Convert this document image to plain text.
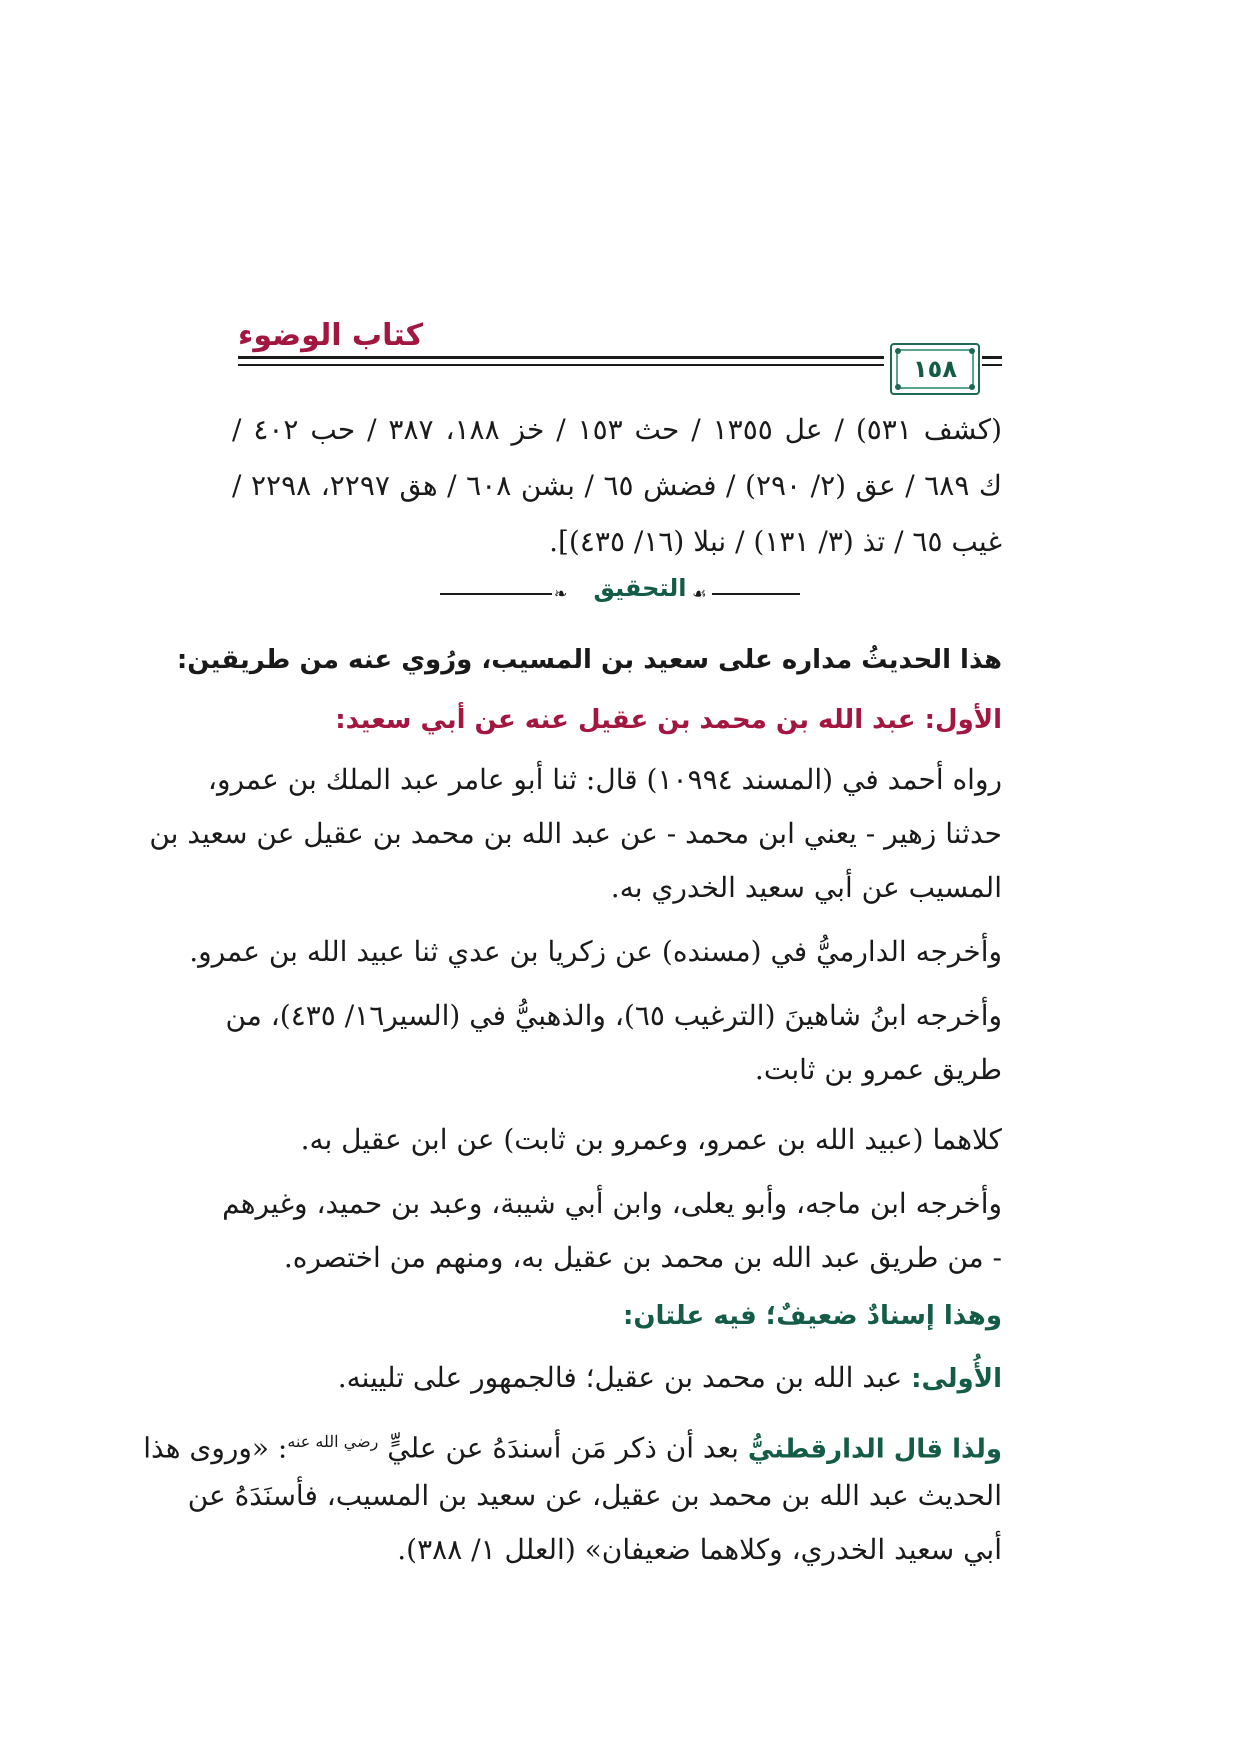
كتاب الوضوء
١٥٨
(كشف ٥٣١) / عل ١٣٥٥ / حث ١٥٣ / خز ١٨٨، ٣٨٧ / حب ٤٠٢ /
ك ٦٨٩ / عق (٢/ ٢٩٠) / فضش ٦٥ / بشن ٦٠٨ / هق ٢٢٩٧، ٢٢٩٨ /
غيب ٦٥ / تذ (٣/ ١٣١) / نبلا (١٦/ ٤٣٥)].
❧ التحقيق ☙
هذا الحديثُ مداره على سعيد بن المسيب، ورُوي عنه من طريقين:
الأول: عبد الله بن محمد بن عقيل عنه عن أبي سعيد:
رواه أحمد في (المسند ١٠٩٩٤) قال: ثنا أبو عامر عبد الملك بن عمرو،
حدثنا زهير - يعني ابن محمد - عن عبد الله بن محمد بن عقيل عن سعيد بن
المسيب عن أبي سعيد الخدري به.
وأخرجه الدارميُّ في (مسنده) عن زكريا بن عدي ثنا عبيد الله بن عمرو.
وأخرجه ابنُ شاهينَ (الترغيب ٦٥)، والذهبيُّ في (السير١٦/ ٤٣٥)، من
طريق عمرو بن ثابت.
كلاهما (عبيد الله بن عمرو، وعمرو بن ثابت) عن ابن عقيل به.
وأخرجه ابن ماجه، وأبو يعلى، وابن أبي شيبة، وعبد بن حميد، وغيرهم
- من طريق عبد الله بن محمد بن عقيل به، ومنهم من اختصره.
وهذا إسنادٌ ضعيفٌ؛ فيه علتان:
الأُولى: عبد الله بن محمد بن عقيل؛ فالجمهور على تليينه.
ولذا قال الدارقطنيُّ بعد أن ذكر مَن أسندَهُ عن عليٍّ $^{رضي الله عنه}$: «وروى هذا
الحديث عبد الله بن محمد بن عقيل، عن سعيد بن المسيب، فأسنَدَهُ عن
أبي سعيد الخدري، وكلاهما ضعيفان» (العلل ١/ ٣٨٨).
